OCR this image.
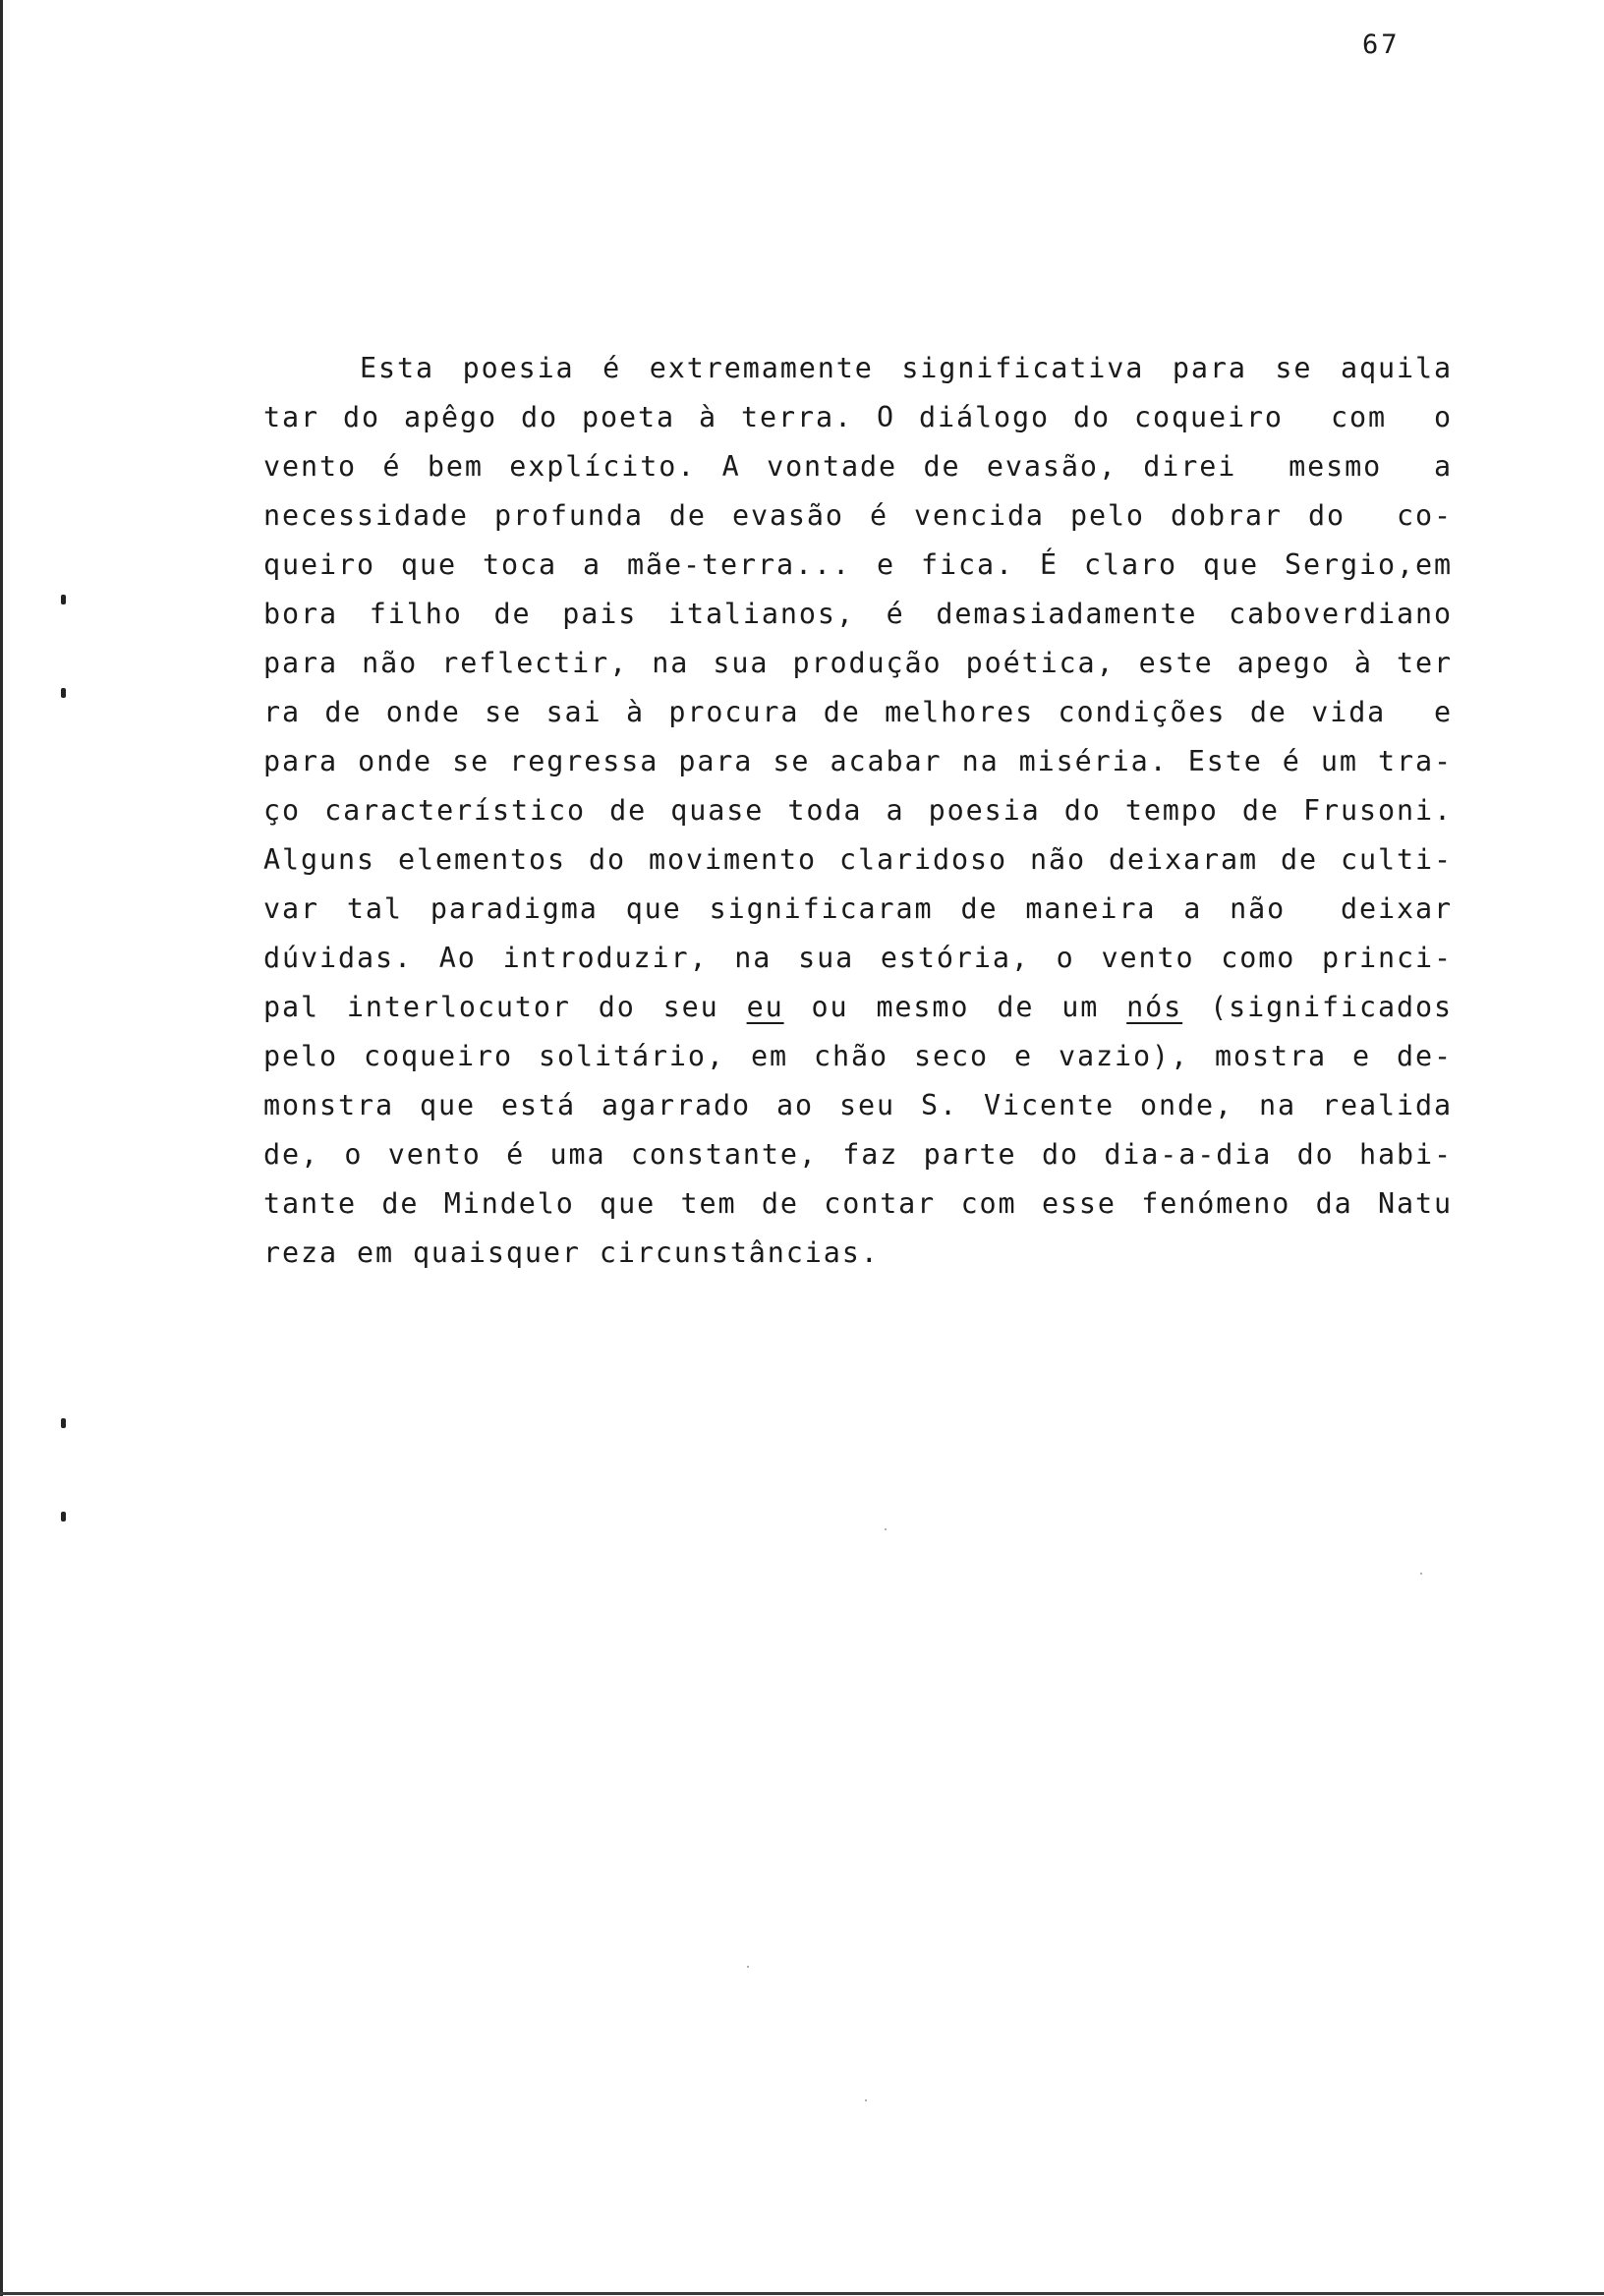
67
Esta poesia é extremamente significativa para se aquila
tar do apêgo do poeta à terra. O diálogo do coqueiro  com  o
vento é bem explícito. A vontade de evasão, direi  mesmo  a
necessidade profunda de evasão é vencida pelo dobrar do  co-
queiro que toca a mãe-terra... e fica. É claro que Sergio,em
bora filho de pais italianos, é demasiadamente caboverdiano
para não reflectir, na sua produção poética, este apego à ter
ra de onde se sai à procura de melhores condições de vida  e
para onde se regressa para se acabar na miséria. Este é um tra-
ço característico de quase toda a poesia do tempo de Frusoni.
Alguns elementos do movimento claridoso não deixaram de culti-
var tal paradigma que significaram de maneira a não  deixar
dúvidas. Ao introduzir, na sua estória, o vento como princi-
pal interlocutor do seu eu ou mesmo de um nós (significados
pelo coqueiro solitário, em chão seco e vazio), mostra e de-
monstra que está agarrado ao seu S. Vicente onde, na realida
de, o vento é uma constante, faz parte do dia-a-dia do habi-
tante de Mindelo que tem de contar com esse fenómeno da Natu
reza em quaisquer circunstâncias.
